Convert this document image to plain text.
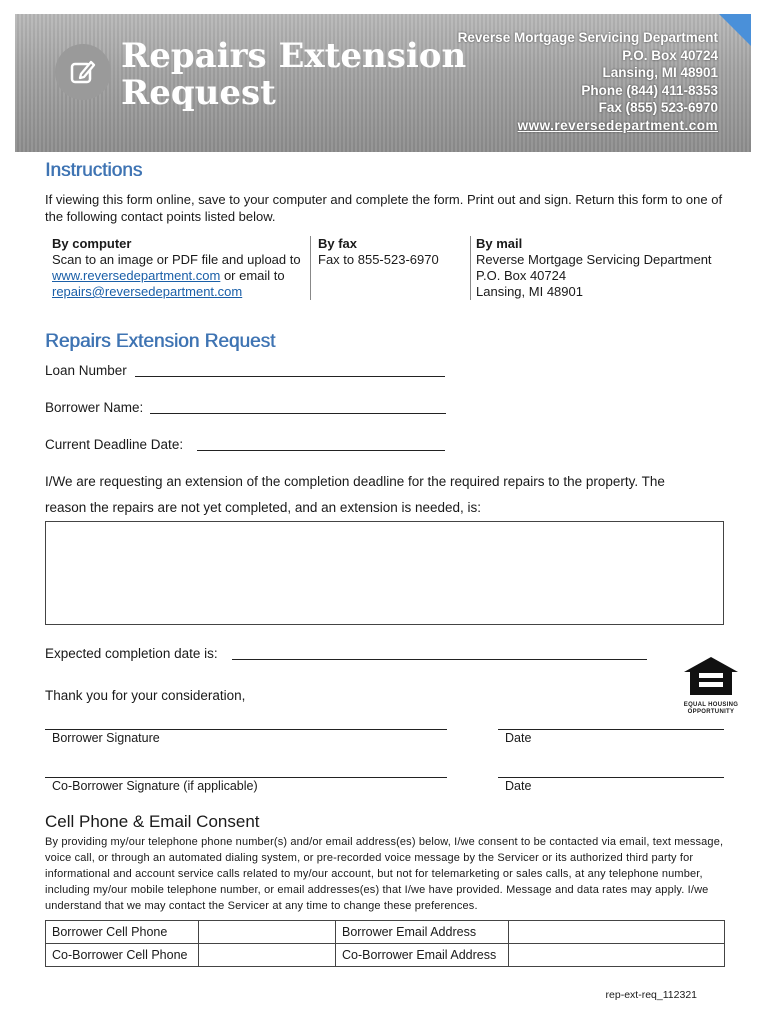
Repairs Extension
Request
Reverse Mortgage Servicing Department
P.O. Box 40724
Lansing, MI 48901
Phone (844) 411-8353
Fax (855) 523-6970
www.reversedepartment.com
Instructions
If viewing this form online, save to your computer and complete the form. Print out and sign. Return this form to one of the following contact points listed below.
By computer
Scan to an image or PDF file and upload to
www.reversedepartment.com or email to
repairs@reversedepartment.com
By fax
Fax to 855-523-6970
By mail
Reverse Mortgage Servicing Department
P.O. Box 40724
Lansing, MI 48901
Repairs Extension Request
Loan Number
Borrower Name:
Current Deadline Date:
I/We are requesting an extension of the completion deadline for the required repairs to the property. The
reason the repairs are not yet completed, and an extension is needed, is:
Expected completion date is:
Thank you for your consideration,
EQUAL HOUSING
OPPORTUNITY
Borrower Signature	Date
Co-Borrower Signature (if applicable)	Date
Cell Phone & Email Consent
By providing my/our telephone phone number(s) and/or email address(es) below, I/we consent to be contacted via email, text message, voice call, or through an automated dialing system, or pre-recorded voice message by the Servicer or its authorized third party for informational and account service calls related to my/our account, but not for telemarketing or sales calls, at any telephone number, including my/our mobile telephone number, or email addresses(es) that I/we have provided. Message and data rates may apply. I/we understand that we may contact the Servicer at any time to change these preferences.
Borrower Cell Phone		Borrower Email Address	
Co-Borrower Cell Phone		Co-Borrower Email Address	
rep-ext-req_112321
